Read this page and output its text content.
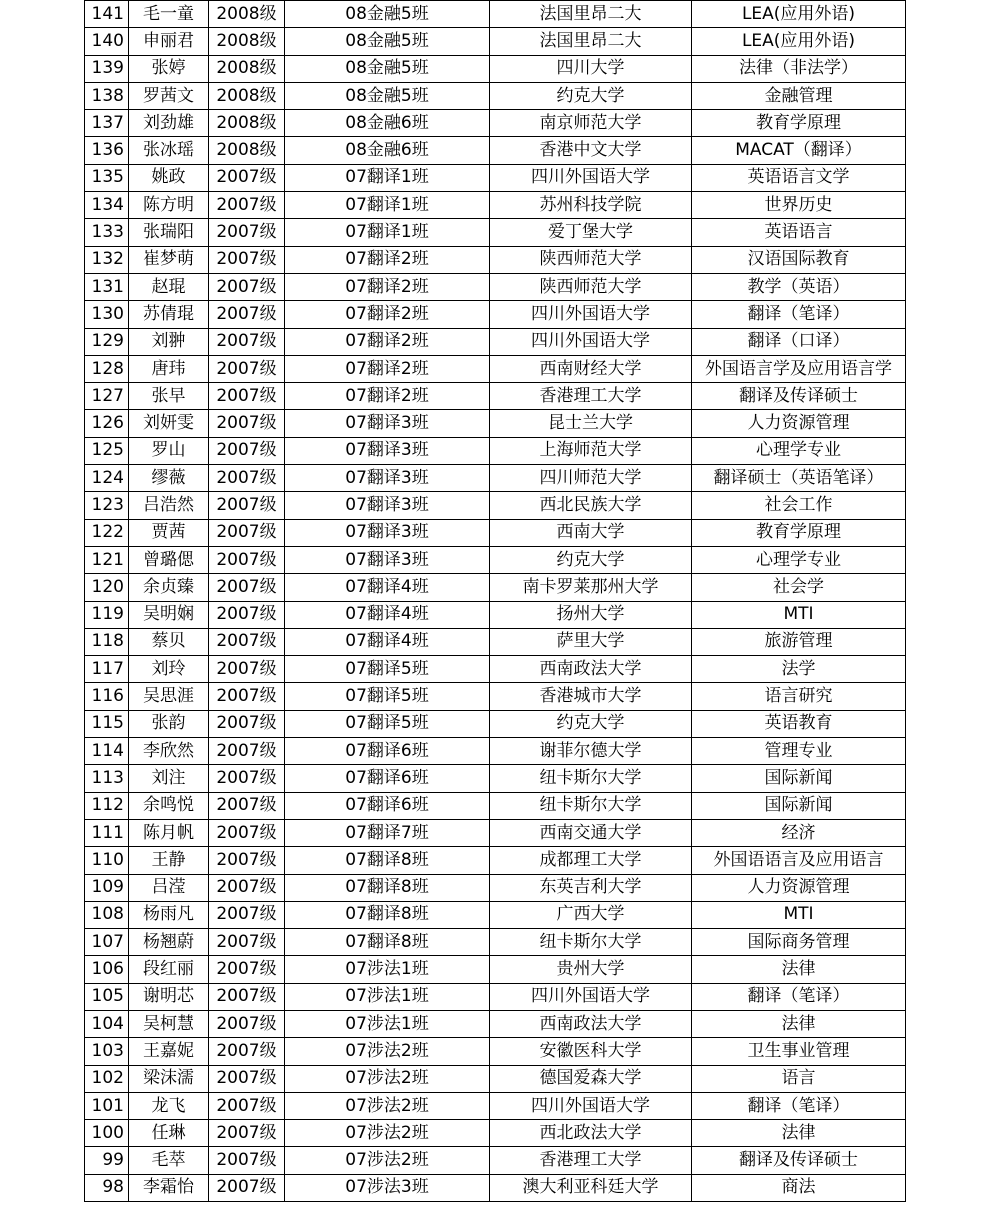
141	毛一童	2008级	08金融5班	法国里昂二大	LEA(应用外语)
140	申丽君	2008级	08金融5班	法国里昂二大	LEA(应用外语)
139	张婷	2008级	08金融5班	四川大学	法律（非法学）
138	罗茜文	2008级	08金融5班	约克大学	金融管理
137	刘劲雄	2008级	08金融6班	南京师范大学	教育学原理
136	张冰瑶	2008级	08金融6班	香港中文大学	MACAT（翻译）
135	姚政	2007级	07翻译1班	四川外国语大学	英语语言文学
134	陈方明	2007级	07翻译1班	苏州科技学院	世界历史
133	张瑞阳	2007级	07翻译1班	爱丁堡大学	英语语言
132	崔梦萌	2007级	07翻译2班	陕西师范大学	汉语国际教育
131	赵琨	2007级	07翻译2班	陕西师范大学	教学（英语）
130	苏倩琨	2007级	07翻译2班	四川外国语大学	翻译（笔译）
129	刘翀	2007级	07翻译2班	四川外国语大学	翻译（口译）
128	唐玮	2007级	07翻译2班	西南财经大学	外国语言学及应用语言学
127	张早	2007级	07翻译2班	香港理工大学	翻译及传译硕士
126	刘妍雯	2007级	07翻译3班	昆士兰大学	人力资源管理
125	罗山	2007级	07翻译3班	上海师范大学	心理学专业
124	缪薇	2007级	07翻译3班	四川师范大学	翻译硕士（英语笔译）
123	吕浩然	2007级	07翻译3班	西北民族大学	社会工作
122	贾茜	2007级	07翻译3班	西南大学	教育学原理
121	曾璐偲	2007级	07翻译3班	约克大学	心理学专业
120	余贞臻	2007级	07翻译4班	南卡罗莱那州大学	社会学
119	吴明娴	2007级	07翻译4班	扬州大学	MTI
118	蔡贝	2007级	07翻译4班	萨里大学	旅游管理
117	刘玲	2007级	07翻译5班	西南政法大学	法学
116	吴思涯	2007级	07翻译5班	香港城市大学	语言研究
115	张韵	2007级	07翻译5班	约克大学	英语教育
114	李欣然	2007级	07翻译6班	谢菲尔德大学	管理专业
113	刘注	2007级	07翻译6班	纽卡斯尔大学	国际新闻
112	余鸣悦	2007级	07翻译6班	纽卡斯尔大学	国际新闻
111	陈月帆	2007级	07翻译7班	西南交通大学	经济
110	王静	2007级	07翻译8班	成都理工大学	外国语语言及应用语言
109	吕滢	2007级	07翻译8班	东英吉利大学	人力资源管理
108	杨雨凡	2007级	07翻译8班	广西大学	MTI
107	杨翘蔚	2007级	07翻译8班	纽卡斯尔大学	国际商务管理
106	段红丽	2007级	07涉法1班	贵州大学	法律
105	谢明芯	2007级	07涉法1班	四川外国语大学	翻译（笔译）
104	吴柯慧	2007级	07涉法1班	西南政法大学	法律
103	王嘉妮	2007级	07涉法2班	安徽医科大学	卫生事业管理
102	梁沫濡	2007级	07涉法2班	德国爱森大学	语言
101	龙飞	2007级	07涉法2班	四川外国语大学	翻译（笔译）
100	任琳	2007级	07涉法2班	西北政法大学	法律
99	毛萃	2007级	07涉法2班	香港理工大学	翻译及传译硕士
98	李霜怡	2007级	07涉法3班	澳大利亚科廷大学	商法
